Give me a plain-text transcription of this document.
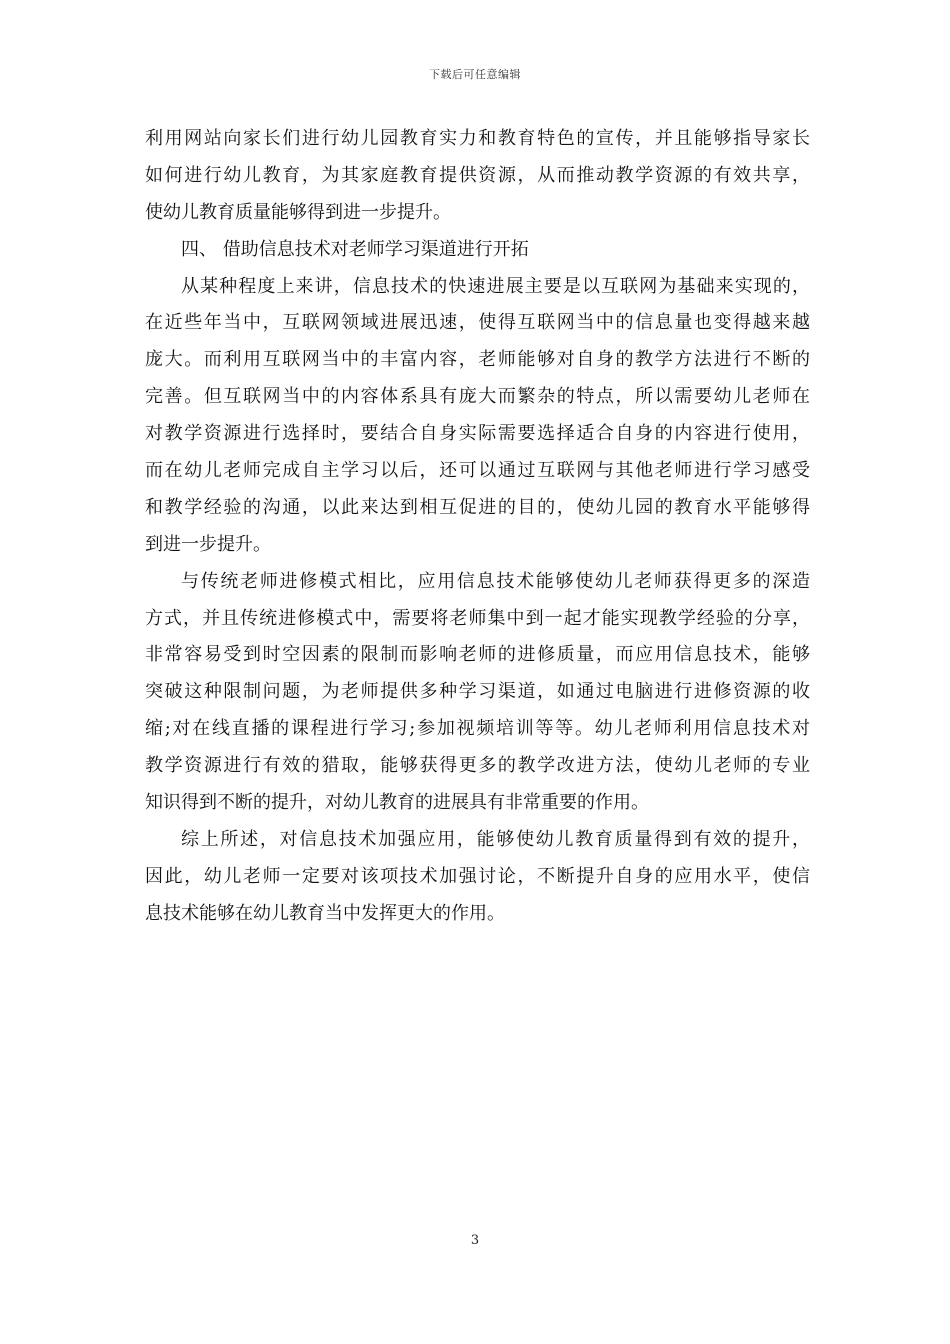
下载后可任意编辑
利用网站向家长们进行幼儿园教育实力和教育特色的宣传，并且能够指导家长
如何进行幼儿教育，为其家庭教育提供资源，从而推动教学资源的有效共享，
使幼儿教育质量能够得到进一步提升。
四、 借助信息技术对老师学习渠道进行开拓
从某种程度上来讲，信息技术的快速进展主要是以互联网为基础来实现的，
在近些年当中，互联网领域进展迅速，使得互联网当中的信息量也变得越来越
庞大。而利用互联网当中的丰富内容，老师能够对自身的教学方法进行不断的
完善。但互联网当中的内容体系具有庞大而繁杂的特点，所以需要幼儿老师在
对教学资源进行选择时，要结合自身实际需要选择适合自身的内容进行使用，
而在幼儿老师完成自主学习以后，还可以通过互联网与其他老师进行学习感受
和教学经验的沟通，以此来达到相互促进的目的，使幼儿园的教育水平能够得
到进一步提升。
与传统老师进修模式相比，应用信息技术能够使幼儿老师获得更多的深造
方式，并且传统进修模式中，需要将老师集中到一起才能实现教学经验的分享，
非常容易受到时空因素的限制而影响老师的进修质量，而应用信息技术，能够
突破这种限制问题，为老师提供多种学习渠道，如通过电脑进行进修资源的收
缩;对在线直播的课程进行学习;参加视频培训等等。幼儿老师利用信息技术对
教学资源进行有效的猎取，能够获得更多的教学改进方法，使幼儿老师的专业
知识得到不断的提升，对幼儿教育的进展具有非常重要的作用。
综上所述，对信息技术加强应用，能够使幼儿教育质量得到有效的提升，
因此，幼儿老师一定要对该项技术加强讨论，不断提升自身的应用水平，使信
息技术能够在幼儿教育当中发挥更大的作用。
3
